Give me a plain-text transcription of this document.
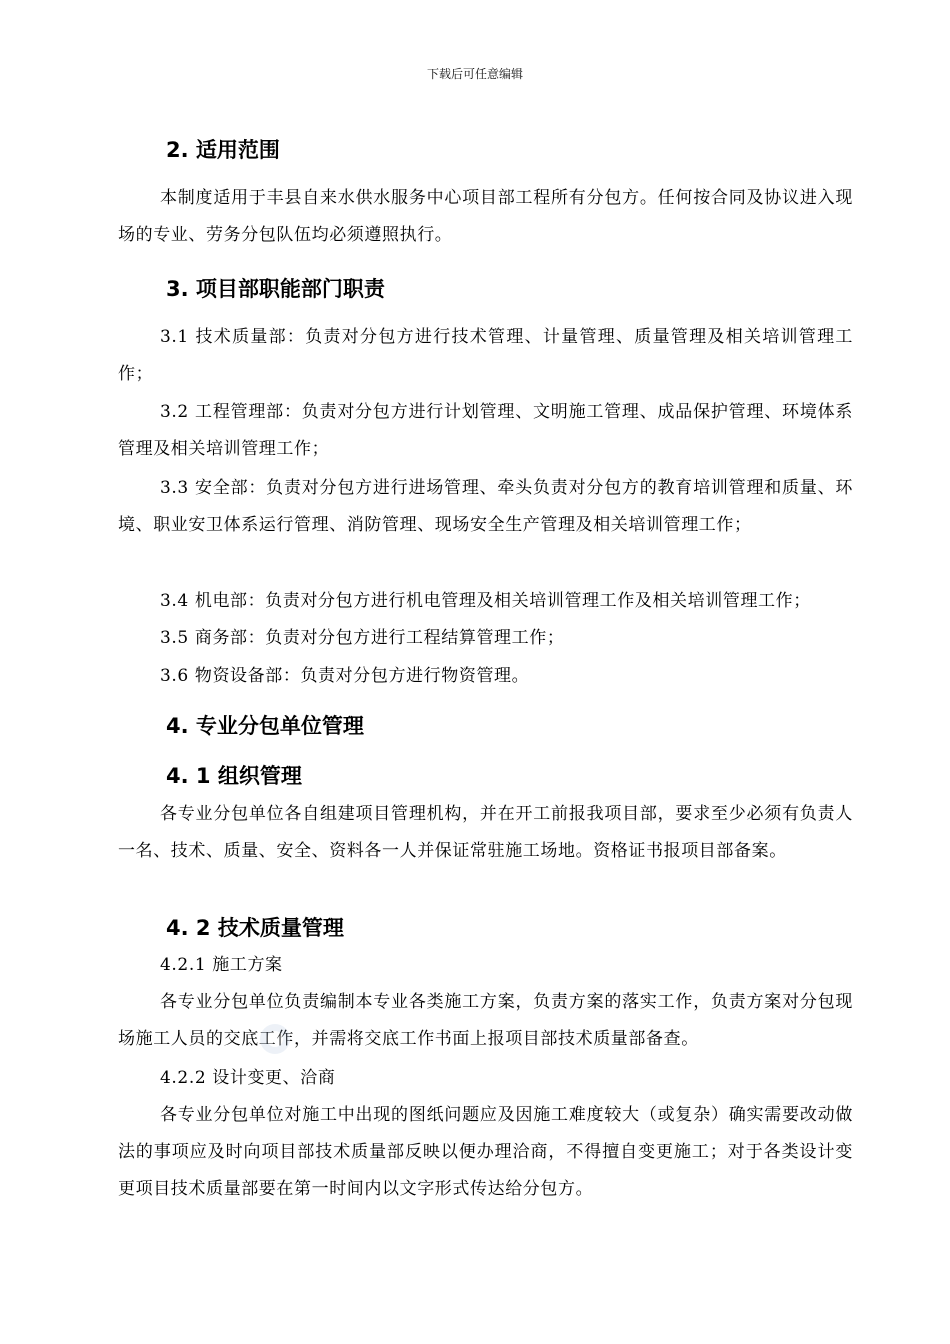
下载后可任意编辑
2. 适用范围

本制度适用于丰县自来水供水服务中心项目部工程所有分包方。任何按合同及协议进入现场的专业、劳务分包队伍均必须遵照执行。

3. 项目部职能部门职责

3.1 技术质量部：负责对分包方进行技术管理、计量管理、质量管理及相关培训管理工作；

3.2 工程管理部：负责对分包方进行计划管理、文明施工管理、成品保护管理、环境体系管理及相关培训管理工作；

3.3 安全部：负责对分包方进行进场管理、牵头负责对分包方的教育培训管理和质量、环境、职业安卫体系运行管理、消防管理、现场安全生产管理及相关培训管理工作；

3.4 机电部：负责对分包方进行机电管理及相关培训管理工作及相关培训管理工作；

3.5 商务部：负责对分包方进行工程结算管理工作；

3.6 物资设备部：负责对分包方进行物资管理。

4. 专业分包单位管理
4. 1 组织管理

各专业分包单位各自组建项目管理机构，并在开工前报我项目部，要求至少必须有负责人一名、技术、质量、安全、资料各一人并保证常驻施工场地。资格证书报项目部备案。

4. 2 技术质量管理

4.2.1 施工方案

各专业分包单位负责编制本专业各类施工方案，负责方案的落实工作，负责方案对分包现场施工人员的交底工作，并需将交底工作书面上报项目部技术质量部备查。

4.2.2 设计变更、洽商

各专业分包单位对施工中出现的图纸问题应及因施工难度较大（或复杂）确实需要改动做法的事项应及时向项目部技术质量部反映以便办理洽商，不得擅自变更施工；对于各类设计变更项目技术质量部要在第一时间内以文字形式传达给分包方。
